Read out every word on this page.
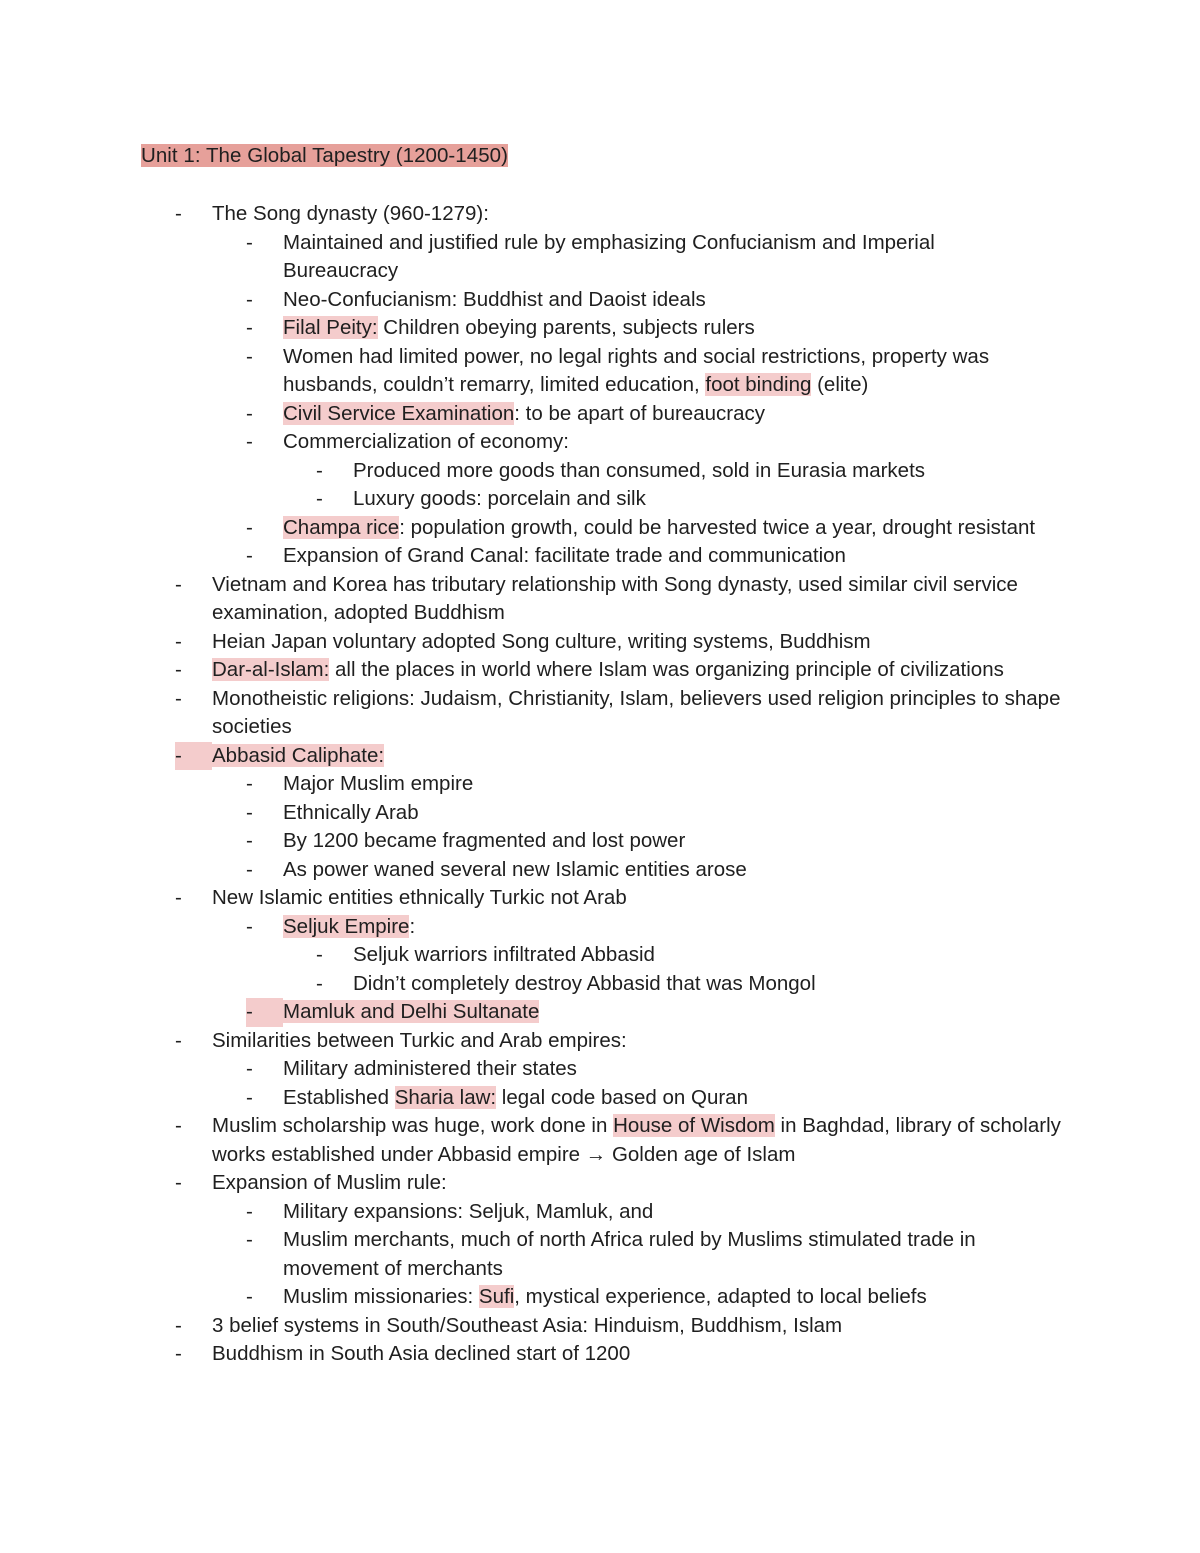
Unit 1: The Global Tapestry (1200-1450)
-	The Song dynasty (960-1279):
-	Maintained and justified rule by emphasizing Confucianism and Imperial Bureaucracy
-	Neo-Confucianism: Buddhist and Daoist ideals
-	Filal Peity: Children obeying parents, subjects rulers
-	Women had limited power, no legal rights and social restrictions, property was husbands, couldn’t remarry, limited education, foot binding (elite)
-	Civil Service Examination: to be apart of bureaucracy
-	Commercialization of economy:
-	Produced more goods than consumed, sold in Eurasia markets
-	Luxury goods: porcelain and silk
-	Champa rice: population growth, could be harvested twice a year, drought resistant
-	Expansion of Grand Canal: facilitate trade and communication
-	Vietnam and Korea has tributary relationship with Song dynasty, used similar civil service examination, adopted Buddhism
-	Heian Japan voluntary adopted Song culture, writing systems, Buddhism
-	Dar-al-Islam: all the places in world where Islam was organizing principle of civilizations
-	Monotheistic religions: Judaism, Christianity, Islam, believers used religion principles to shape societies
-	Abbasid Caliphate:
-	Major Muslim empire
-	Ethnically Arab
-	By 1200 became fragmented and lost power
-	As power waned several new Islamic entities arose
-	New Islamic entities ethnically Turkic not Arab
-	Seljuk Empire:
-	Seljuk warriors infiltrated Abbasid
-	Didn’t completely destroy Abbasid that was Mongol
-	Mamluk and Delhi Sultanate
-	Similarities between Turkic and Arab empires:
-	Military administered their states
-	Established Sharia law: legal code based on Quran
-	Muslim scholarship was huge, work done in House of Wisdom in Baghdad, library of scholarly works established under Abbasid empire → Golden age of Islam
-	Expansion of Muslim rule:
-	Military expansions: Seljuk, Mamluk, and
-	Muslim merchants, much of north Africa ruled by Muslims stimulated trade in movement of merchants
-	Muslim missionaries: Sufi, mystical experience, adapted to local beliefs
-	3 belief systems in South/Southeast Asia: Hinduism, Buddhism, Islam
-	Buddhism in South Asia declined start of 1200
